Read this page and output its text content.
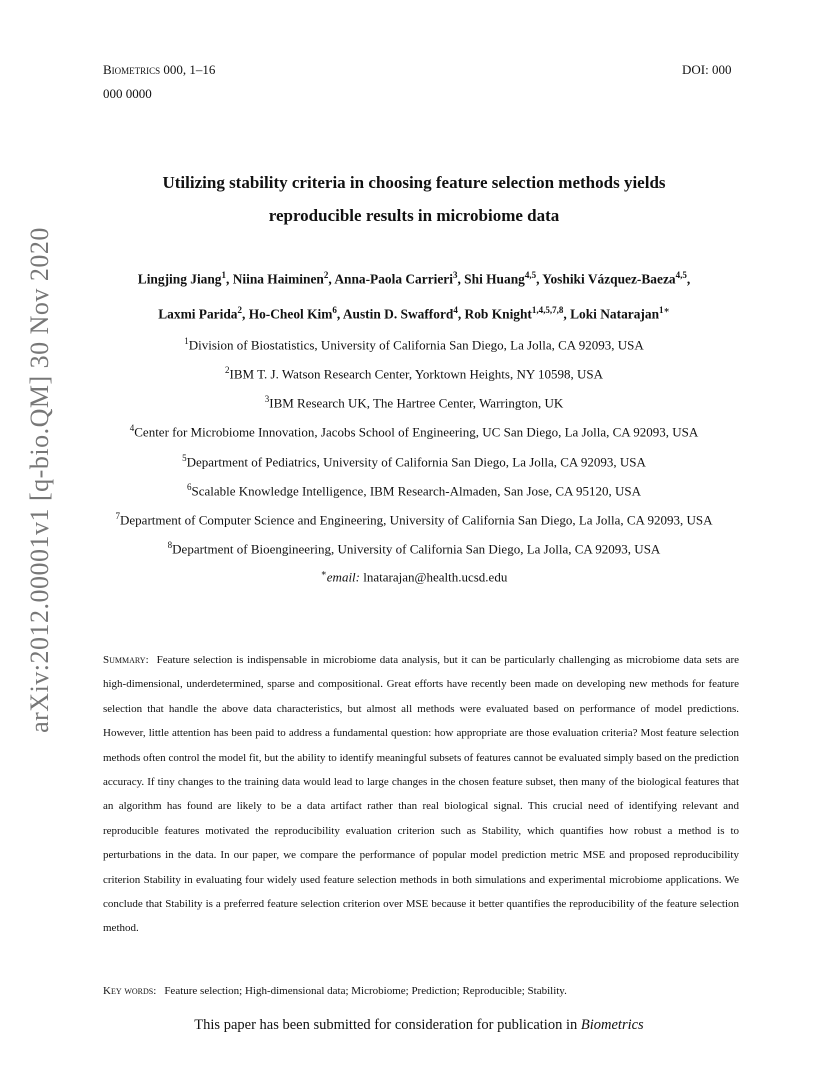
Biometrics 000, 1–16
000 0000
DOI: 000
arXiv:2012.00001v1 [q-bio.QM] 30 Nov 2020
Utilizing stability criteria in choosing feature selection methods yields
reproducible results in microbiome data
Lingjing Jiang$^1$, Niina Haiminen$^2$, Anna-Paola Carrieri$^3$, Shi Huang$^{4,5}$, Yoshiki Vázquez-Baeza$^{4,5}$,
Laxmi Parida$^2$, Ho-Cheol Kim$^6$, Austin D. Swafford$^4$, Rob Knight$^{1,4,5,7,8}$, Loki Natarajan$^{1∗}$
$^1$Division of Biostatistics, University of California San Diego, La Jolla, CA 92093, USA
$^2$IBM T. J. Watson Research Center, Yorktown Heights, NY 10598, USA
$^3$IBM Research UK, The Hartree Center, Warrington, UK
$^4$Center for Microbiome Innovation, Jacobs School of Engineering, UC San Diego, La Jolla, CA 92093, USA
$^5$Department of Pediatrics, University of California San Diego, La Jolla, CA 92093, USA
$^6$Scalable Knowledge Intelligence, IBM Research-Almaden, San Jose, CA 95120, USA
$^7$Department of Computer Science and Engineering, University of California San Diego, La Jolla, CA 92093, USA
$^8$Department of Bioengineering, University of California San Diego, La Jolla, CA 92093, USA
∗email: lnatarajan@health.ucsd.edu
Summary: Feature selection is indispensable in microbiome data analysis, but it can be particularly challenging as microbiome data sets are high-dimensional, underdetermined, sparse and compositional. Great efforts have recently been made on developing new methods for feature selection that handle the above data characteristics, but almost all methods were evaluated based on performance of model predictions. However, little attention has been paid to address a fundamental question: how appropriate are those evaluation criteria? Most feature selection methods often control the model fit, but the ability to identify meaningful subsets of features cannot be evaluated simply based on the prediction accuracy. If tiny changes to the training data would lead to large changes in the chosen feature subset, then many of the biological features that an algorithm has found are likely to be a data artifact rather than real biological signal. This crucial need of identifying relevant and reproducible features motivated the reproducibility evaluation criterion such as Stability, which quantifies how robust a method is to perturbations in the data. In our paper, we compare the performance of popular model prediction metric MSE and proposed reproducibility criterion Stability in evaluating four widely used feature selection methods in both simulations and experimental microbiome applications. We conclude that Stability is a preferred feature selection criterion over MSE because it better quantifies the reproducibility of the feature selection method.
Key words: Feature selection; High-dimensional data; Microbiome; Prediction; Reproducible; Stability.
This paper has been submitted for consideration for publication in Biometrics
